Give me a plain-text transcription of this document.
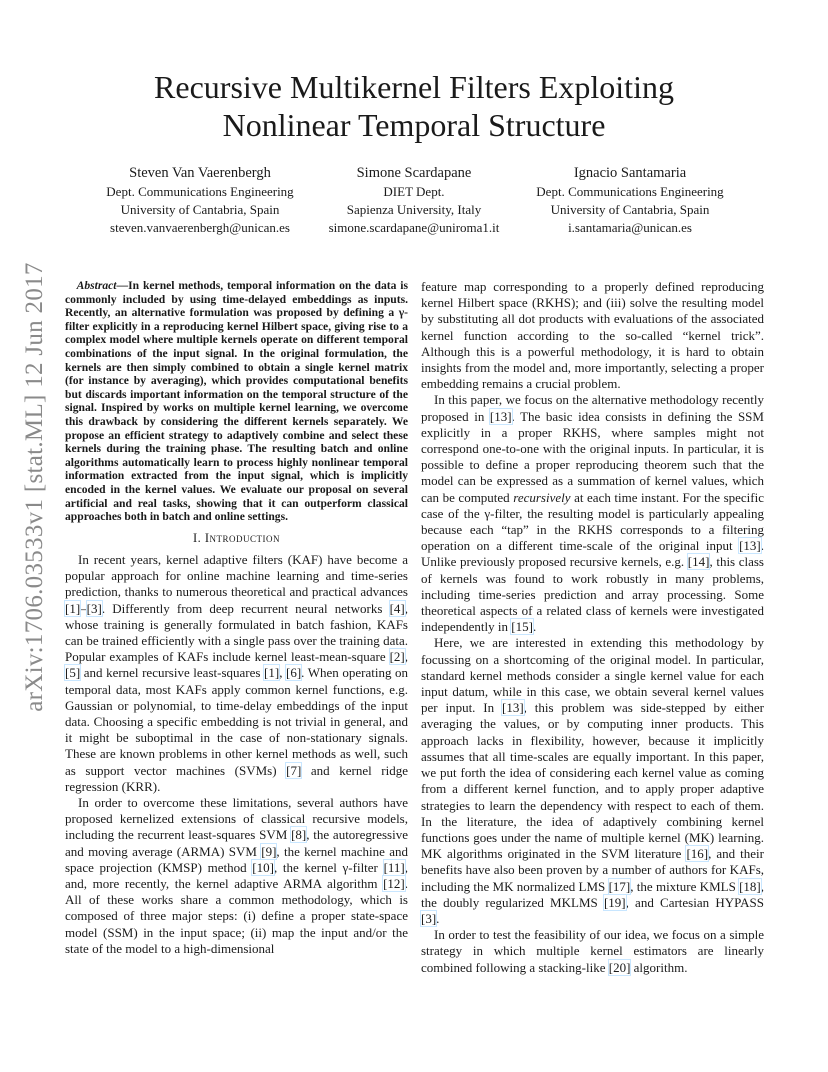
arXiv:1706.03533v1 [stat.ML] 12 Jun 2017
Recursive Multikernel Filters Exploiting
Nonlinear Temporal Structure
Steven Van Vaerenbergh
Dept. Communications Engineering
University of Cantabria, Spain
steven.vanvaerenbergh@unican.es
Simone Scardapane
DIET Dept.
Sapienza University, Italy
simone.scardapane@uniroma1.it
Ignacio Santamaria
Dept. Communications Engineering
University of Cantabria, Spain
i.santamaria@unican.es

Abstract—In kernel methods, temporal information on the data is commonly included by using time-delayed embeddings as inputs. Recently, an alternative formulation was proposed by defining a γ-filter explicitly in a reproducing kernel Hilbert space, giving rise to a complex model where multiple kernels operate on different temporal combinations of the input signal. In the original formulation, the kernels are then simply combined to obtain a single kernel matrix (for instance by averaging), which provides computational benefits but discards important information on the temporal structure of the signal. Inspired by works on multiple kernel learning, we overcome this drawback by considering the different kernels separately. We propose an efficient strategy to adaptively combine and select these kernels during the training phase. The resulting batch and online algorithms automatically learn to process highly nonlinear temporal information extracted from the input signal, which is implicitly encoded in the kernel values. We evaluate our proposal on several artificial and real tasks, showing that it can outperform classical approaches both in batch and online settings.

I. Introduction

In recent years, kernel adaptive filters (KAF) have become a popular approach for online machine learning and time-series prediction, thanks to numerous theoretical and practical advances [1]–[3]. Differently from deep recurrent neural networks [4], whose training is generally formulated in batch fashion, KAFs can be trained efficiently with a single pass over the training data. Popular examples of KAFs include kernel least-mean-square [2], [5] and kernel recursive least-squares [1], [6]. When operating on temporal data, most KAFs apply common kernel functions, e.g. Gaussian or polynomial, to time-delay embeddings of the input data. Choosing a specific embedding is not trivial in general, and it might be suboptimal in the case of non-stationary signals. These are known problems in other kernel methods as well, such as support vector machines (SVMs) [7] and kernel ridge regression (KRR).

In order to overcome these limitations, several authors have proposed kernelized extensions of classical recursive models, including the recurrent least-squares SVM [8], the autoregressive and moving average (ARMA) SVM [9], the kernel machine and space projection (KMSP) method [10], the kernel γ-filter [11], and, more recently, the kernel adaptive ARMA algorithm [12]. All of these works share a common methodology, which is composed of three major steps: (i) define a proper state-space model (SSM) in the input space; (ii) map the input and/or the state of the model to a high-dimensional

feature map corresponding to a properly defined reproducing kernel Hilbert space (RKHS); and (iii) solve the resulting model by substituting all dot products with evaluations of the associated kernel function according to the so-called “kernel trick”. Although this is a powerful methodology, it is hard to obtain insights from the model and, more importantly, selecting a proper embedding remains a crucial problem.

In this paper, we focus on the alternative methodology recently proposed in [13]. The basic idea consists in defining the SSM explicitly in a proper RKHS, where samples might not correspond one-to-one with the original inputs. In particular, it is possible to define a proper reproducing theorem such that the model can be expressed as a summation of kernel values, which can be computed recursively at each time instant. For the specific case of the γ-filter, the resulting model is particularly appealing because each “tap” in the RKHS corresponds to a filtering operation on a different time-scale of the original input [13]. Unlike previously proposed recursive kernels, e.g. [14], this class of kernels was found to work robustly in many problems, including time-series prediction and array processing. Some theoretical aspects of a related class of kernels were investigated independently in [15].

Here, we are interested in extending this methodology by focussing on a shortcoming of the original model. In particular, standard kernel methods consider a single kernel value for each input datum, while in this case, we obtain several kernel values per input. In [13], this problem was side-stepped by either averaging the values, or by computing inner products. This approach lacks in flexibility, however, because it implicitly assumes that all time-scales are equally important. In this paper, we put forth the idea of considering each kernel value as coming from a different kernel function, and to apply proper adaptive strategies to learn the dependency with respect to each of them. In the literature, the idea of adaptively combining kernel functions goes under the name of multiple kernel (MK) learning. MK algorithms originated in the SVM literature [16], and their benefits have also been proven by a number of authors for KAFs, including the MK normalized LMS [17], the mixture KMLS [18], the doubly regularized MKLMS [19], and Cartesian HYPASS [3].

In order to test the feasibility of our idea, we focus on a simple strategy in which multiple kernel estimators are linearly combined following a stacking-like [20] algorithm.
